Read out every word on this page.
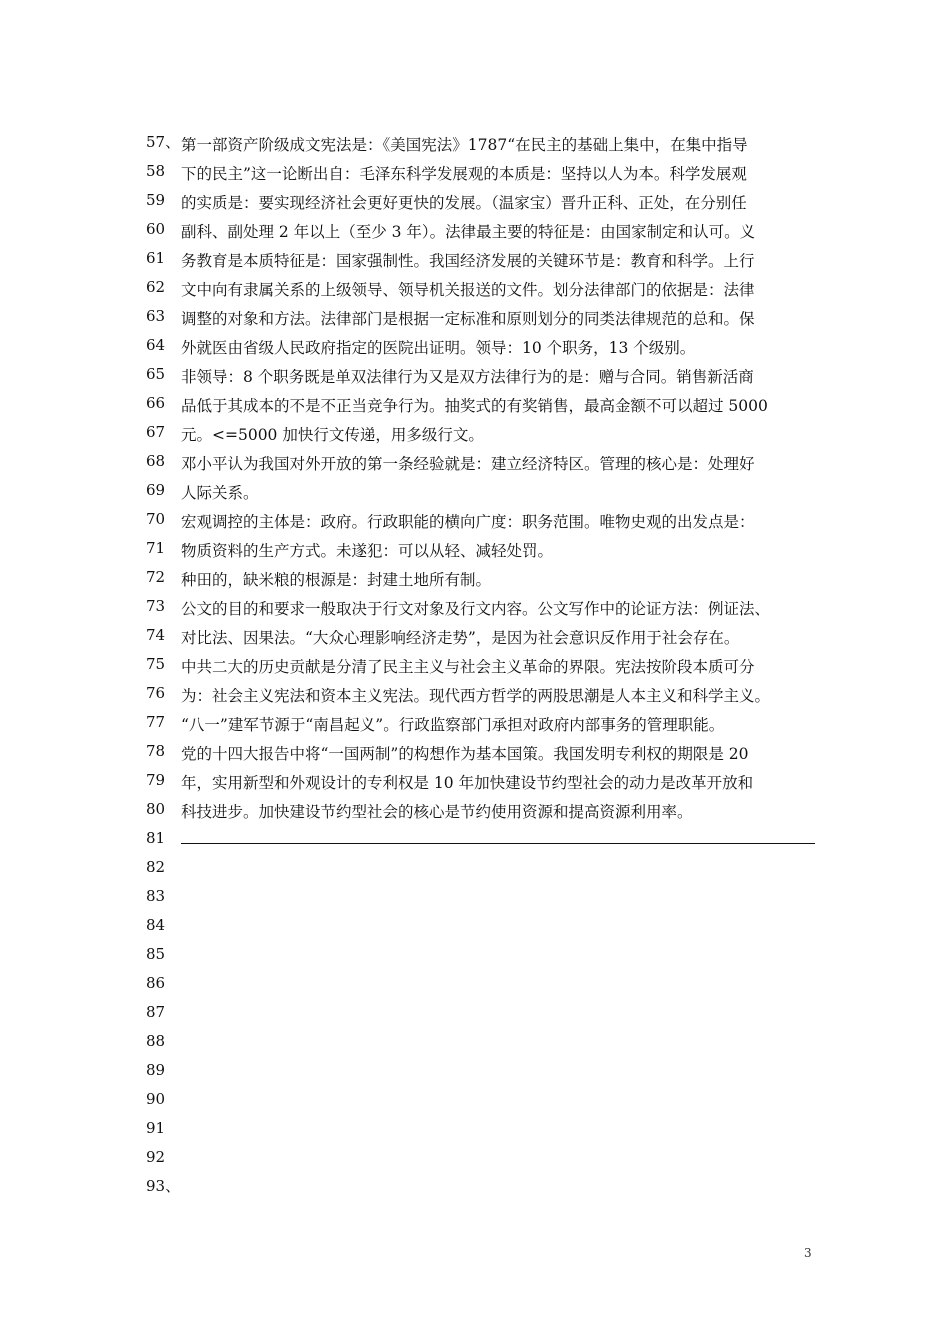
57、
58
59
60
61
62
63
64
65
66
67
68
69
70
71
72
73
74
75
76
77
78
79
80
81
82
83
84
85
86
87
88
89
90
91
92
93、
第一部资产阶级成文宪法是：《美国宪法》1787“在民主的基础上集中，在集中指导
下的民主”这一论断出自：毛泽东科学发展观的本质是：坚持以人为本。科学发展观
的实质是：要实现经济社会更好更快的发展。（温家宝）晋升正科、正处，在分别任
副科、副处理 2 年以上（至少 3 年）。法律最主要的特征是：由国家制定和认可。义
务教育是本质特征是：国家强制性。我国经济发展的关键环节是：教育和科学。上行
文中向有隶属关系的上级领导、领导机关报送的文件。划分法律部门的依据是：法律
调整的对象和方法。法律部门是根据一定标准和原则划分的同类法律规范的总和。保
外就医由省级人民政府指定的医院出证明。领导：10 个职务，13 个级别。
非领导：8 个职务既是单双法律行为又是双方法律行为的是：赠与合同。销售新活商
品低于其成本的不是不正当竞争行为。抽奖式的有奖销售，最高金额不可以超过 5000
元。<=5000 加快行文传递，用多级行文。
邓小平认为我国对外开放的第一条经验就是：建立经济特区。管理的核心是：处理好
人际关系。
宏观调控的主体是：政府。行政职能的横向广度：职务范围。唯物史观的出发点是：
物质资料的生产方式。未遂犯：可以从轻、减轻处罚。
种田的，缺米粮的根源是：封建土地所有制。
公文的目的和要求一般取决于行文对象及行文内容。公文写作中的论证方法：例证法、
对比法、因果法。“大众心理影响经济走势”，是因为社会意识反作用于社会存在。
中共二大的历史贡献是分清了民主主义与社会主义革命的界限。宪法按阶段本质可分
为：社会主义宪法和资本主义宪法。现代西方哲学的两股思潮是人本主义和科学主义。
“八一”建军节源于“南昌起义”。行政监察部门承担对政府内部事务的管理职能。
党的十四大报告中将“一国两制”的构想作为基本国策。我国发明专利权的期限是 20
年，实用新型和外观设计的专利权是 10 年加快建设节约型社会的动力是改革开放和
科技进步。加快建设节约型社会的核心是节约使用资源和提高资源利用率。
3
